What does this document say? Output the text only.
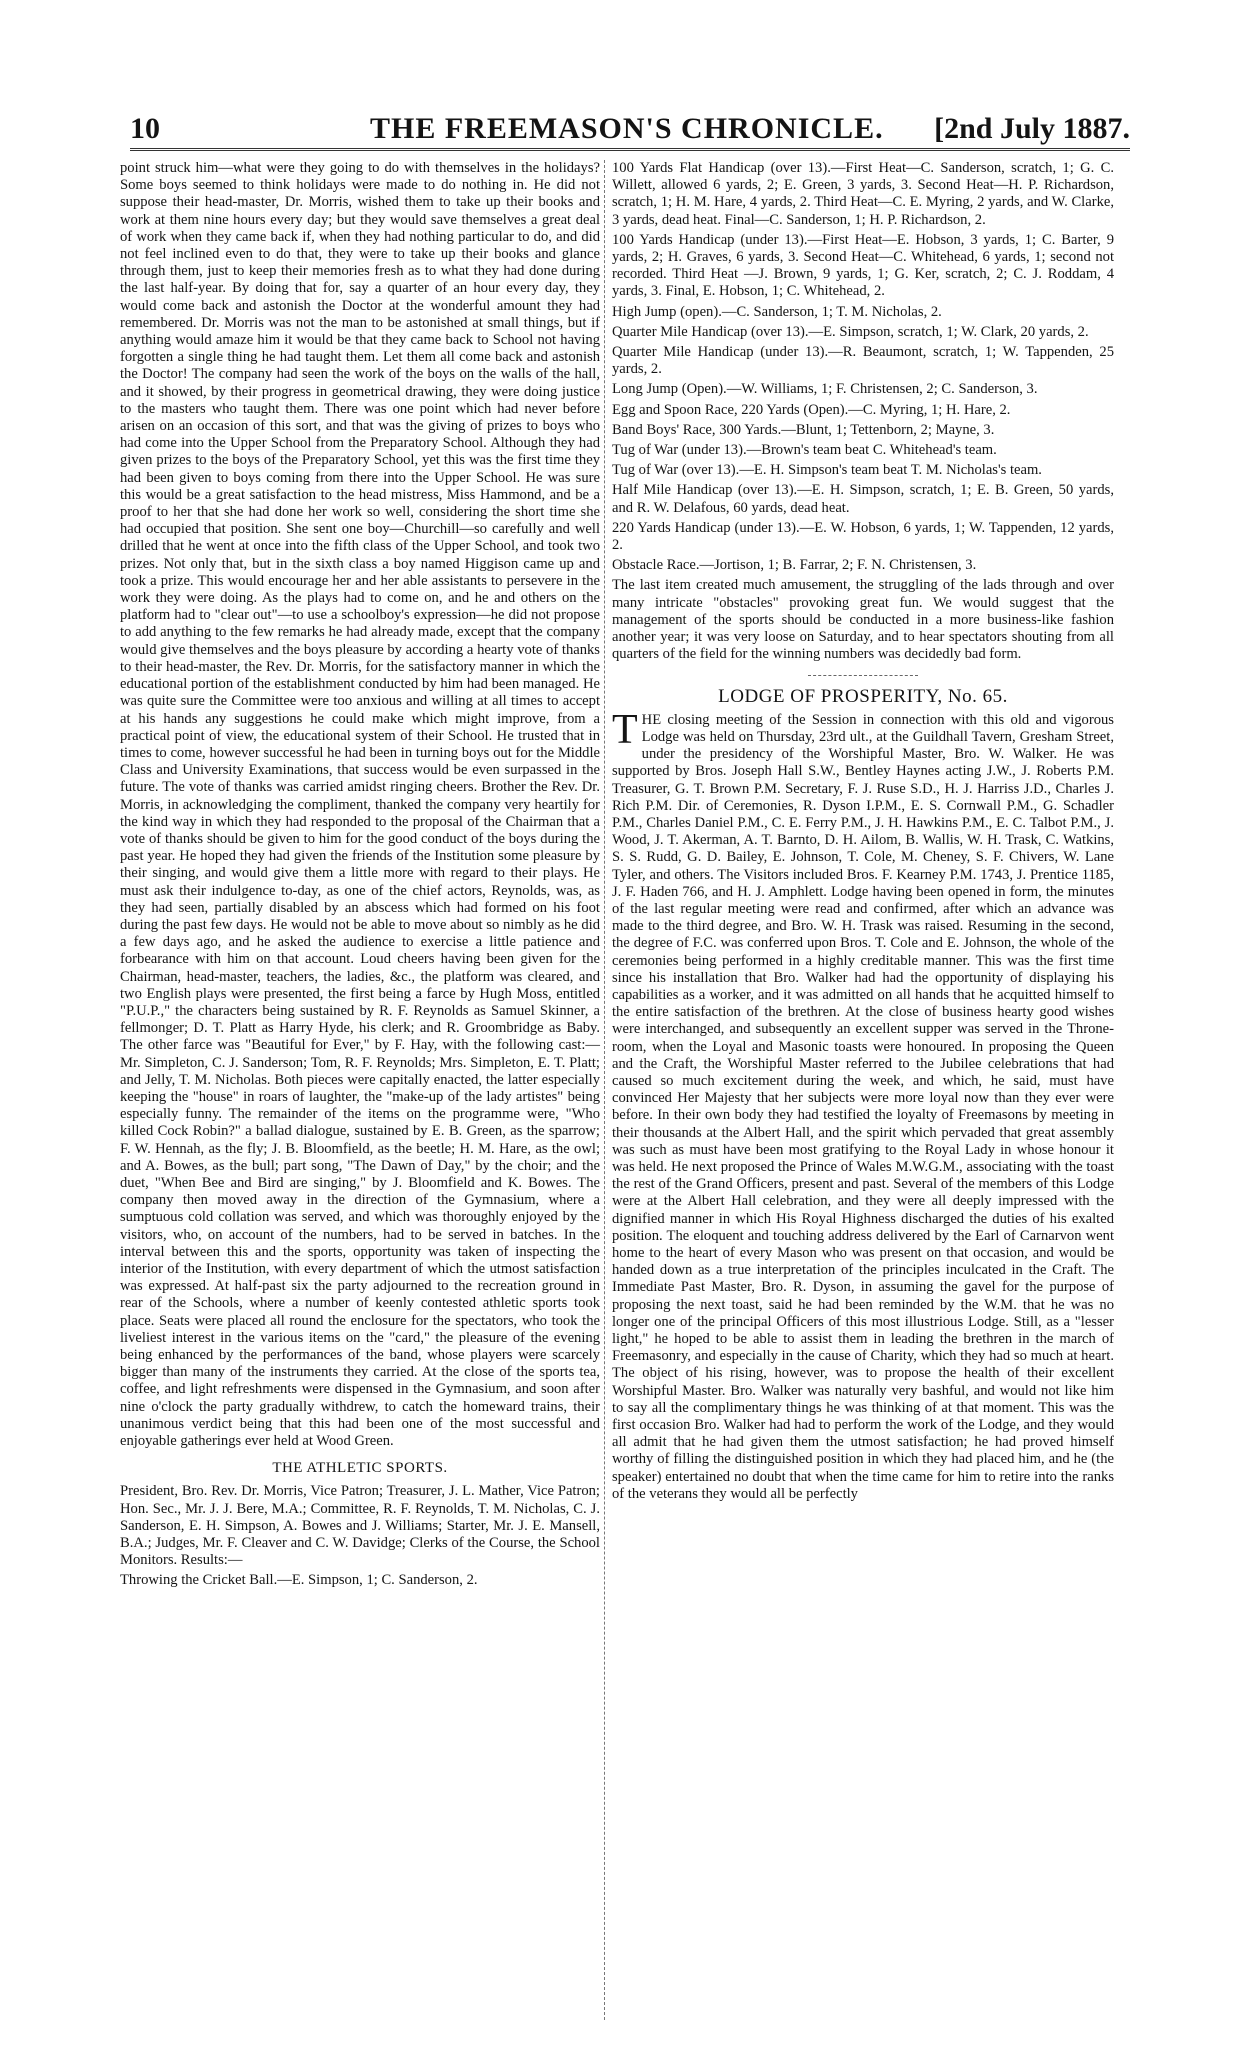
10	THE FREEMASON'S CHRONICLE. [2nd July 1887.

point struck him—what were they going to do with themselves in the holidays? Some boys seemed to think holidays were made to do nothing in. He did not suppose their head-master, Dr. Morris, wished them to take up their books and work at them nine hours every day; but they would save themselves a great deal of work when they came back if, when they had nothing particular to do, and did not feel inclined even to do that, they were to take up their books and glance through them, just to keep their memories fresh as to what they had done during the last half-year. By doing that for, say a quarter of an hour every day, they would come back and astonish the Doctor at the wonderful amount they had remembered. Dr. Morris was not the man to be astonished at small things, but if anything would amaze him it would be that they came back to School not having forgotten a single thing he had taught them. Let them all come back and astonish the Doctor! The company had seen the work of the boys on the walls of the hall, and it showed, by their progress in geometrical drawing, they were doing justice to the masters who taught them. There was one point which had never before arisen on an occasion of this sort, and that was the giving of prizes to boys who had come into the Upper School from the Preparatory School. Although they had given prizes to the boys of the Preparatory School, yet this was the first time they had been given to boys coming from there into the Upper School. He was sure this would be a great satisfaction to the head mistress, Miss Hammond, and be a proof to her that she had done her work so well, considering the short time she had occupied that position. She sent one boy—Churchill—so carefully and well drilled that he went at once into the fifth class of the Upper School, and took two prizes. Not only that, but in the sixth class a boy named Higgison came up and took a prize. This would encourage her and her able assistants to persevere in the work they were doing. As the plays had to come on, and he and others on the platform had to "clear out"—to use a schoolboy's expression—he did not propose to add anything to the few remarks he had already made, except that the company would give themselves and the boys pleasure by according a hearty vote of thanks to their head-master, the Rev. Dr. Morris, for the satisfactory manner in which the educational portion of the establishment conducted by him had been managed. He was quite sure the Committee were too anxious and willing at all times to accept at his hands any suggestions he could make which might improve, from a practical point of view, the educational system of their School. He trusted that in times to come, however successful he had been in turning boys out for the Middle Class and University Examinations, that success would be even surpassed in the future. The vote of thanks was carried amidst ringing cheers. Brother the Rev. Dr. Morris, in acknowledging the compliment, thanked the company very heartily for the kind way in which they had responded to the proposal of the Chairman that a vote of thanks should be given to him for the good conduct of the boys during the past year. He hoped they had given the friends of the Institution some pleasure by their singing, and would give them a little more with regard to their plays. He must ask their indulgence to-day, as one of the chief actors, Reynolds, was, as they had seen, partially disabled by an abscess which had formed on his foot during the past few days. He would not be able to move about so nimbly as he did a few days ago, and he asked the audience to exercise a little patience and forbearance with him on that account. Loud cheers having been given for the Chairman, head-master, teachers, the ladies, &c., the platform was cleared, and two English plays were presented, the first being a farce by Hugh Moss, entitled "P.U.P.," the characters being sustained by R. F. Reynolds as Samuel Skinner, a fellmonger; D. T. Platt as Harry Hyde, his clerk; and R. Groombridge as Baby. The other farce was "Beautiful for Ever," by F. Hay, with the following cast:—Mr. Simpleton, C. J. Sanderson; Tom, R. F. Reynolds; Mrs. Simpleton, E. T. Platt; and Jelly, T. M. Nicholas. Both pieces were capitally enacted, the latter especially keeping the "house" in roars of laughter, the "make-up of the lady artistes" being especially funny. The remainder of the items on the programme were, "Who killed Cock Robin?" a ballad dialogue, sustained by E. B. Green, as the sparrow; F. W. Hennah, as the fly; J. B. Bloomfield, as the beetle; H. M. Hare, as the owl; and A. Bowes, as the bull; part song, "The Dawn of Day," by the choir; and the duet, "When Bee and Bird are singing," by J. Bloomfield and K. Bowes. The company then moved away in the direction of the Gymnasium, where a sumptuous cold collation was served, and which was thoroughly enjoyed by the visitors, who, on account of the numbers, had to be served in batches. In the interval between this and the sports, opportunity was taken of inspecting the interior of the Institution, with every department of which the utmost satisfaction was expressed. At half-past six the party adjourned to the recreation ground in rear of the Schools, where a number of keenly contested athletic sports took place. Seats were placed all round the enclosure for the spectators, who took the liveliest interest in the various items on the "card," the pleasure of the evening being enhanced by the performances of the band, whose players were scarcely bigger than many of the instruments they carried. At the close of the sports tea, coffee, and light refreshments were dispensed in the Gymnasium, and soon after nine o'clock the party gradually withdrew, to catch the homeward trains, their unanimous verdict being that this had been one of the most successful and enjoyable gatherings ever held at Wood Green.

THE ATHLETIC SPORTS.

President, Bro. Rev. Dr. Morris, Vice Patron; Treasurer, J. L. Mather, Vice Patron; Hon. Sec., Mr. J. J. Bere, M.A.; Committee, R. F. Reynolds, T. M. Nicholas, C. J. Sanderson, E. H. Simpson, A. Bowes and J. Williams; Starter, Mr. J. E. Mansell, B.A.; Judges, Mr. F. Cleaver and C. W. Davidge; Clerks of the Course, the School Monitors. Results:—

Throwing the Cricket Ball.—E. Simpson, 1; C. Sanderson, 2.

100 Yards Flat Handicap (over 13).—First Heat—C. Sanderson, scratch, 1; G. C. Willett, allowed 6 yards, 2; E. Green, 3 yards, 3. Second Heat—H. P. Richardson, scratch, 1; H. M. Hare, 4 yards, 2. Third Heat—C. E. Myring, 2 yards, and W. Clarke, 3 yards, dead heat. Final—C. Sanderson, 1; H. P. Richardson, 2.

100 Yards Handicap (under 13).—First Heat—E. Hobson, 3 yards, 1; C. Barter, 9 yards, 2; H. Graves, 6 yards, 3. Second Heat—C. Whitehead, 6 yards, 1; second not recorded. Third Heat —J. Brown, 9 yards, 1; G. Ker, scratch, 2; C. J. Roddam, 4 yards, 3. Final, E. Hobson, 1; C. Whitehead, 2.

High Jump (open).—C. Sanderson, 1; T. M. Nicholas, 2.

Quarter Mile Handicap (over 13).—E. Simpson, scratch, 1; W. Clark, 20 yards, 2.

Quarter Mile Handicap (under 13).—R. Beaumont, scratch, 1; W. Tappenden, 25 yards, 2.

Long Jump (Open).—W. Williams, 1; F. Christensen, 2; C. Sanderson, 3.

Egg and Spoon Race, 220 Yards (Open).—C. Myring, 1; H. Hare, 2.

Band Boys' Race, 300 Yards.—Blunt, 1; Tettenborn, 2; Mayne, 3.

Tug of War (under 13).—Brown's team beat C. Whitehead's team.

Tug of War (over 13).—E. H. Simpson's team beat T. M. Nicholas's team.

Half Mile Handicap (over 13).—E. H. Simpson, scratch, 1; E. B. Green, 50 yards, and R. W. Delafous, 60 yards, dead heat.

220 Yards Handicap (under 13).—E. W. Hobson, 6 yards, 1; W. Tappenden, 12 yards, 2.

Obstacle Race.—Jortison, 1; B. Farrar, 2; F. N. Christensen, 3.

The last item created much amusement, the struggling of the lads through and over many intricate "obstacles" provoking great fun. We would suggest that the management of the sports should be conducted in a more business-like fashion another year; it was very loose on Saturday, and to hear spectators shouting from all quarters of the field for the winning numbers was decidedly bad form.

LODGE OF PROSPERITY, No. 65.

THE closing meeting of the Session in connection with this old and vigorous Lodge was held on Thursday, 23rd ult., at the Guildhall Tavern, Gresham Street, under the presidency of the Worshipful Master, Bro. W. Walker. He was supported by Bros. Joseph Hall S.W., Bentley Haynes acting J.W., J. Roberts P.M. Treasurer, G. T. Brown P.M. Secretary, F. J. Ruse S.D., H. J. Harriss J.D., Charles J. Rich P.M. Dir. of Ceremonies, R. Dyson I.P.M., E. S. Cornwall P.M., G. Schadler P.M., Charles Daniel P.M., C. E. Ferry P.M., J. H. Hawkins P.M., E. C. Talbot P.M., J. Wood, J. T. Akerman, A. T. Barnto, D. H. Ailom, B. Wallis, W. H. Trask, C. Watkins, S. S. Rudd, G. D. Bailey, E. Johnson, T. Cole, M. Cheney, S. F. Chivers, W. Lane Tyler, and others. The Visitors included Bros. F. Kearney P.M. 1743, J. Prentice 1185, J. F. Haden 766, and H. J. Amphlett. Lodge having been opened in form, the minutes of the last regular meeting were read and confirmed, after which an advance was made to the third degree, and Bro. W. H. Trask was raised. Resuming in the second, the degree of F.C. was conferred upon Bros. T. Cole and E. Johnson, the whole of the ceremonies being performed in a highly creditable manner. This was the first time since his installation that Bro. Walker had had the opportunity of displaying his capabilities as a worker, and it was admitted on all hands that he acquitted himself to the entire satisfaction of the brethren. At the close of business hearty good wishes were interchanged, and subsequently an excellent supper was served in the Throne-room, when the Loyal and Masonic toasts were honoured. In proposing the Queen and the Craft, the Worshipful Master referred to the Jubilee celebrations that had caused so much excitement during the week, and which, he said, must have convinced Her Majesty that her subjects were more loyal now than they ever were before. In their own body they had testified the loyalty of Freemasons by meeting in their thousands at the Albert Hall, and the spirit which pervaded that great assembly was such as must have been most gratifying to the Royal Lady in whose honour it was held. He next proposed the Prince of Wales M.W.G.M., associating with the toast the rest of the Grand Officers, present and past. Several of the members of this Lodge were at the Albert Hall celebration, and they were all deeply impressed with the dignified manner in which His Royal Highness discharged the duties of his exalted position. The eloquent and touching address delivered by the Earl of Carnarvon went home to the heart of every Mason who was present on that occasion, and would be handed down as a true interpretation of the principles inculcated in the Craft. The Immediate Past Master, Bro. R. Dyson, in assuming the gavel for the purpose of proposing the next toast, said he had been reminded by the W.M. that he was no longer one of the principal Officers of this most illustrious Lodge. Still, as a "lesser light," he hoped to be able to assist them in leading the brethren in the march of Freemasonry, and especially in the cause of Charity, which they had so much at heart. The object of his rising, however, was to propose the health of their excellent Worshipful Master. Bro. Walker was naturally very bashful, and would not like him to say all the complimentary things he was thinking of at that moment. This was the first occasion Bro. Walker had had to perform the work of the Lodge, and they would all admit that he had given them the utmost satisfaction; he had proved himself worthy of filling the distinguished position in which they had placed him, and he (the speaker) entertained no doubt that when the time came for him to retire into the ranks of the veterans they would all be perfectly
